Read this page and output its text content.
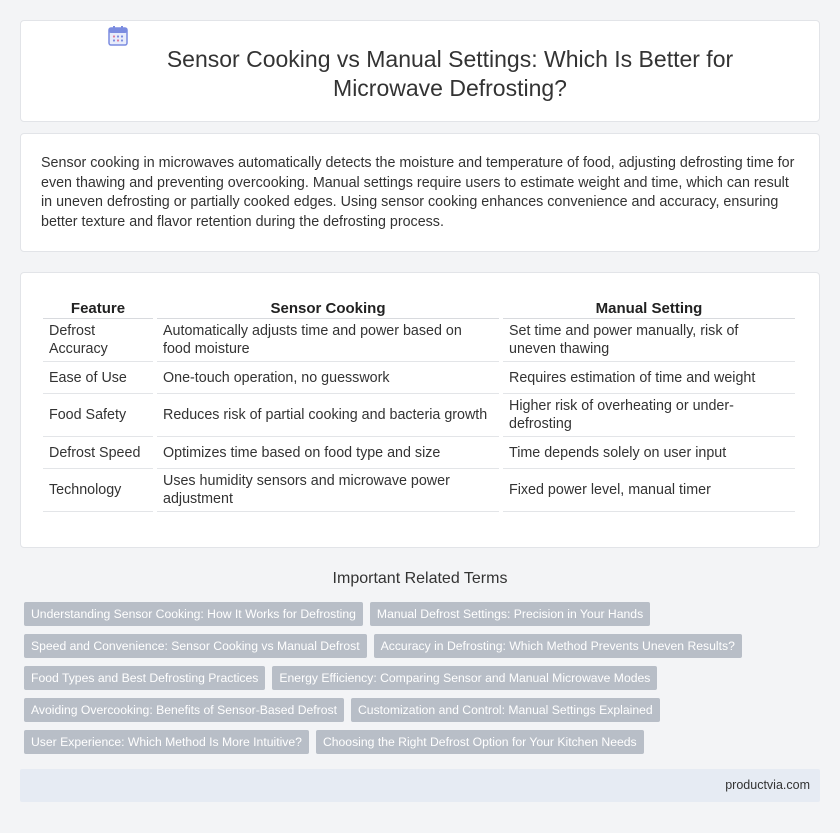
Sensor Cooking vs Manual Settings: Which Is Better for Microwave Defrosting?

Sensor cooking in microwaves automatically detects the moisture and temperature of food, adjusting defrosting time for even thawing and preventing overcooking. Manual settings require users to estimate weight and time, which can result in uneven defrosting or partially cooked edges. Using sensor cooking enhances convenience and accuracy, ensuring better texture and flavor retention during the defrosting process.

Feature	Sensor Cooking	Manual Setting
Defrost Accuracy	Automatically adjusts time and power based on food moisture	Set time and power manually, risk of uneven thawing
Ease of Use	One-touch operation, no guesswork	Requires estimation of time and weight
Food Safety	Reduces risk of partial cooking and bacteria growth	Higher risk of overheating or under-defrosting
Defrost Speed	Optimizes time based on food type and size	Time depends solely on user input
Technology	Uses humidity sensors and microwave power adjustment	Fixed power level, manual timer
Important Related Terms
Understanding Sensor Cooking: How It Works for Defrosting	Manual Defrost Settings: Precision in Your Hands
Speed and Convenience: Sensor Cooking vs Manual Defrost	Accuracy in Defrosting: Which Method Prevents Uneven Results?
Food Types and Best Defrosting Practices	Energy Efficiency: Comparing Sensor and Manual Microwave Modes
Avoiding Overcooking: Benefits of Sensor-Based Defrost	Customization and Control: Manual Settings Explained
User Experience: Which Method Is More Intuitive?	Choosing the Right Defrost Option for Your Kitchen Needs
productvia.com
